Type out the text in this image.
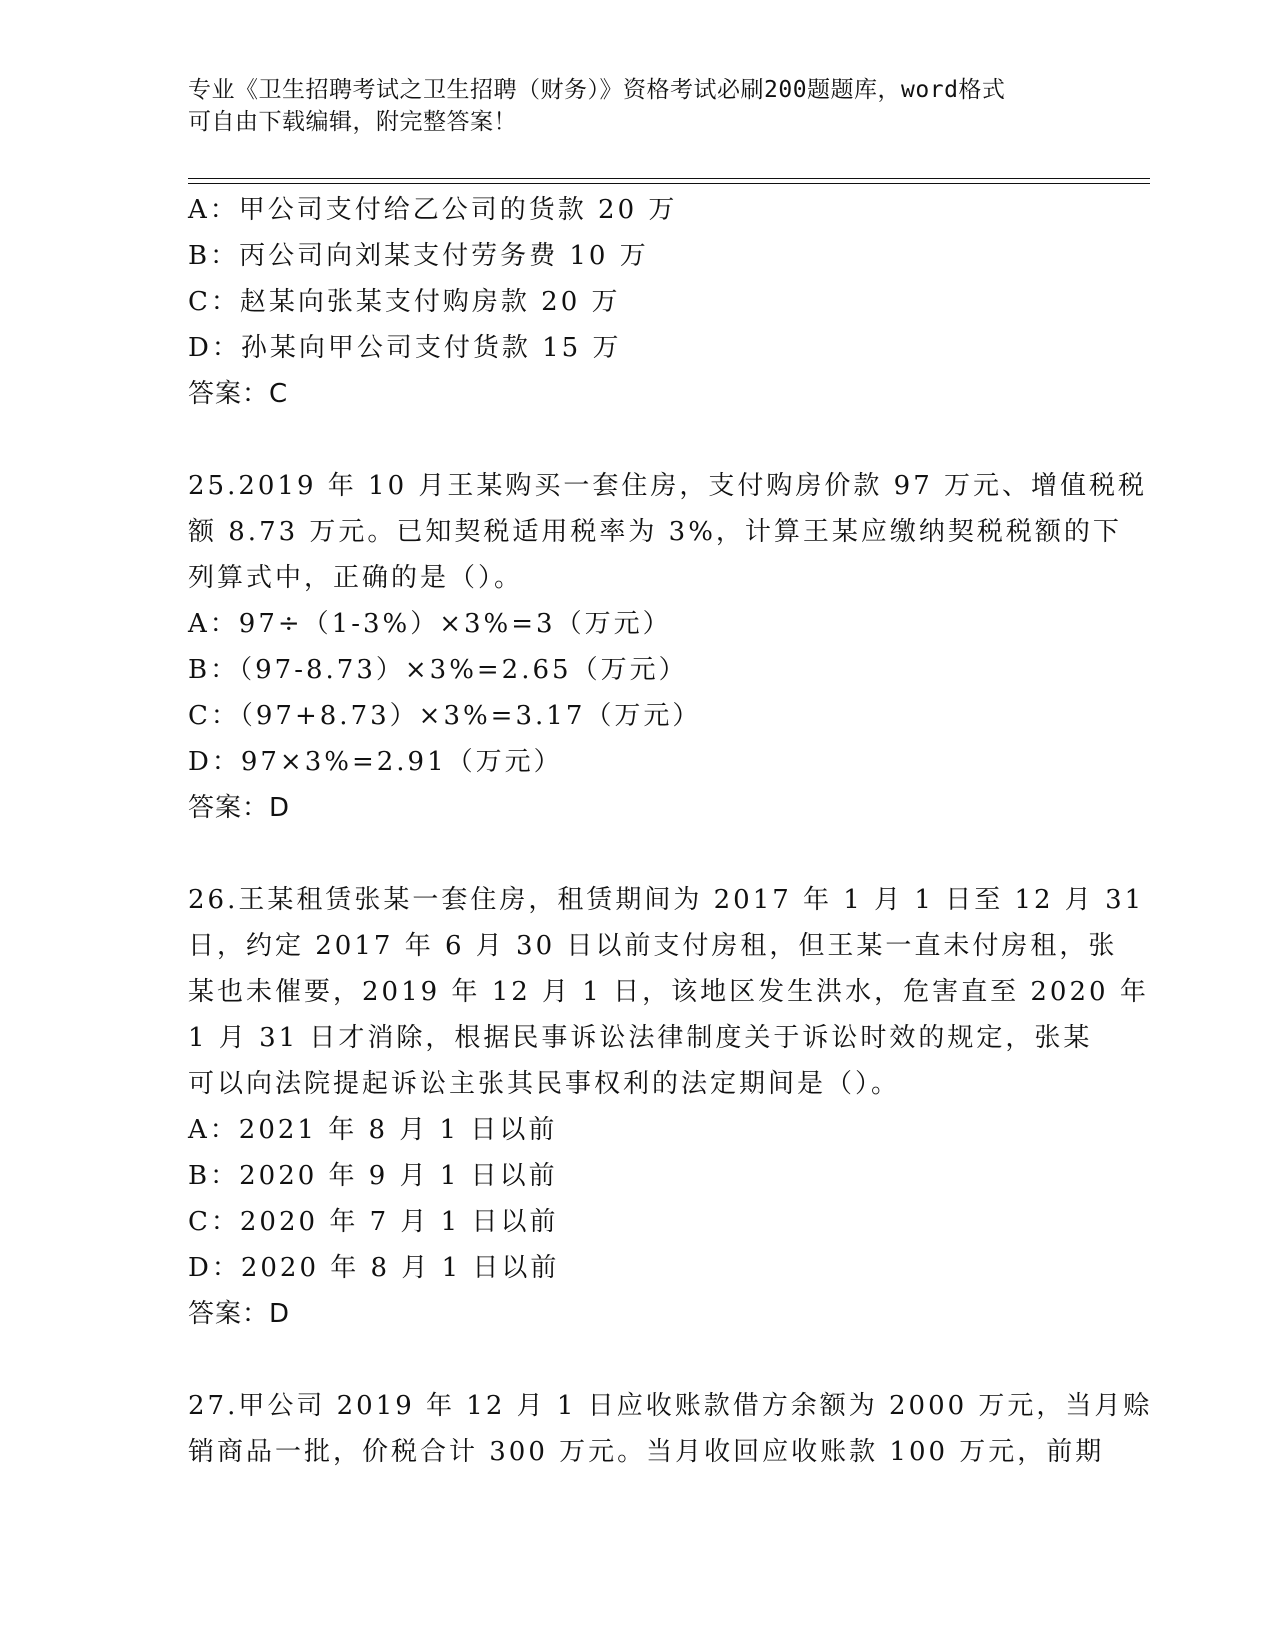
专业《卫生招聘考试之卫生招聘（财务）》资格考试必刷200题题库，word格式
可自由下载编辑，附完整答案！
A：甲公司支付给乙公司的货款 20 万
B：丙公司向刘某支付劳务费 10 万
C：赵某向张某支付购房款 20 万
D：孙某向甲公司支付货款 15 万
答案：C
25.2019 年 10 月王某购买一套住房，支付购房价款 97 万元、增值税税
额 8.73 万元。已知契税适用税率为 3%，计算王某应缴纳契税税额的下
列算式中，正确的是（）。
A：97÷（1-3%）×3%=3（万元）
B：（97-8.73）×3%=2.65（万元）
C：（97+8.73）×3%=3.17（万元）
D：97×3%=2.91（万元）
答案：D
26.王某租赁张某一套住房，租赁期间为 2017 年 1 月 1 日至 12 月 31
日，约定 2017 年 6 月 30 日以前支付房租，但王某一直未付房租，张
某也未催要，2019 年 12 月 1 日，该地区发生洪水，危害直至 2020 年
1 月 31 日才消除，根据民事诉讼法律制度关于诉讼时效的规定，张某
可以向法院提起诉讼主张其民事权利的法定期间是（）。
A：2021 年 8 月 1 日以前
B：2020 年 9 月 1 日以前
C：2020 年 7 月 1 日以前
D：2020 年 8 月 1 日以前
答案：D
27.甲公司 2019 年 12 月 1 日应收账款借方余额为 2000 万元，当月赊
销商品一批，价税合计 300 万元。当月收回应收账款 100 万元，前期
